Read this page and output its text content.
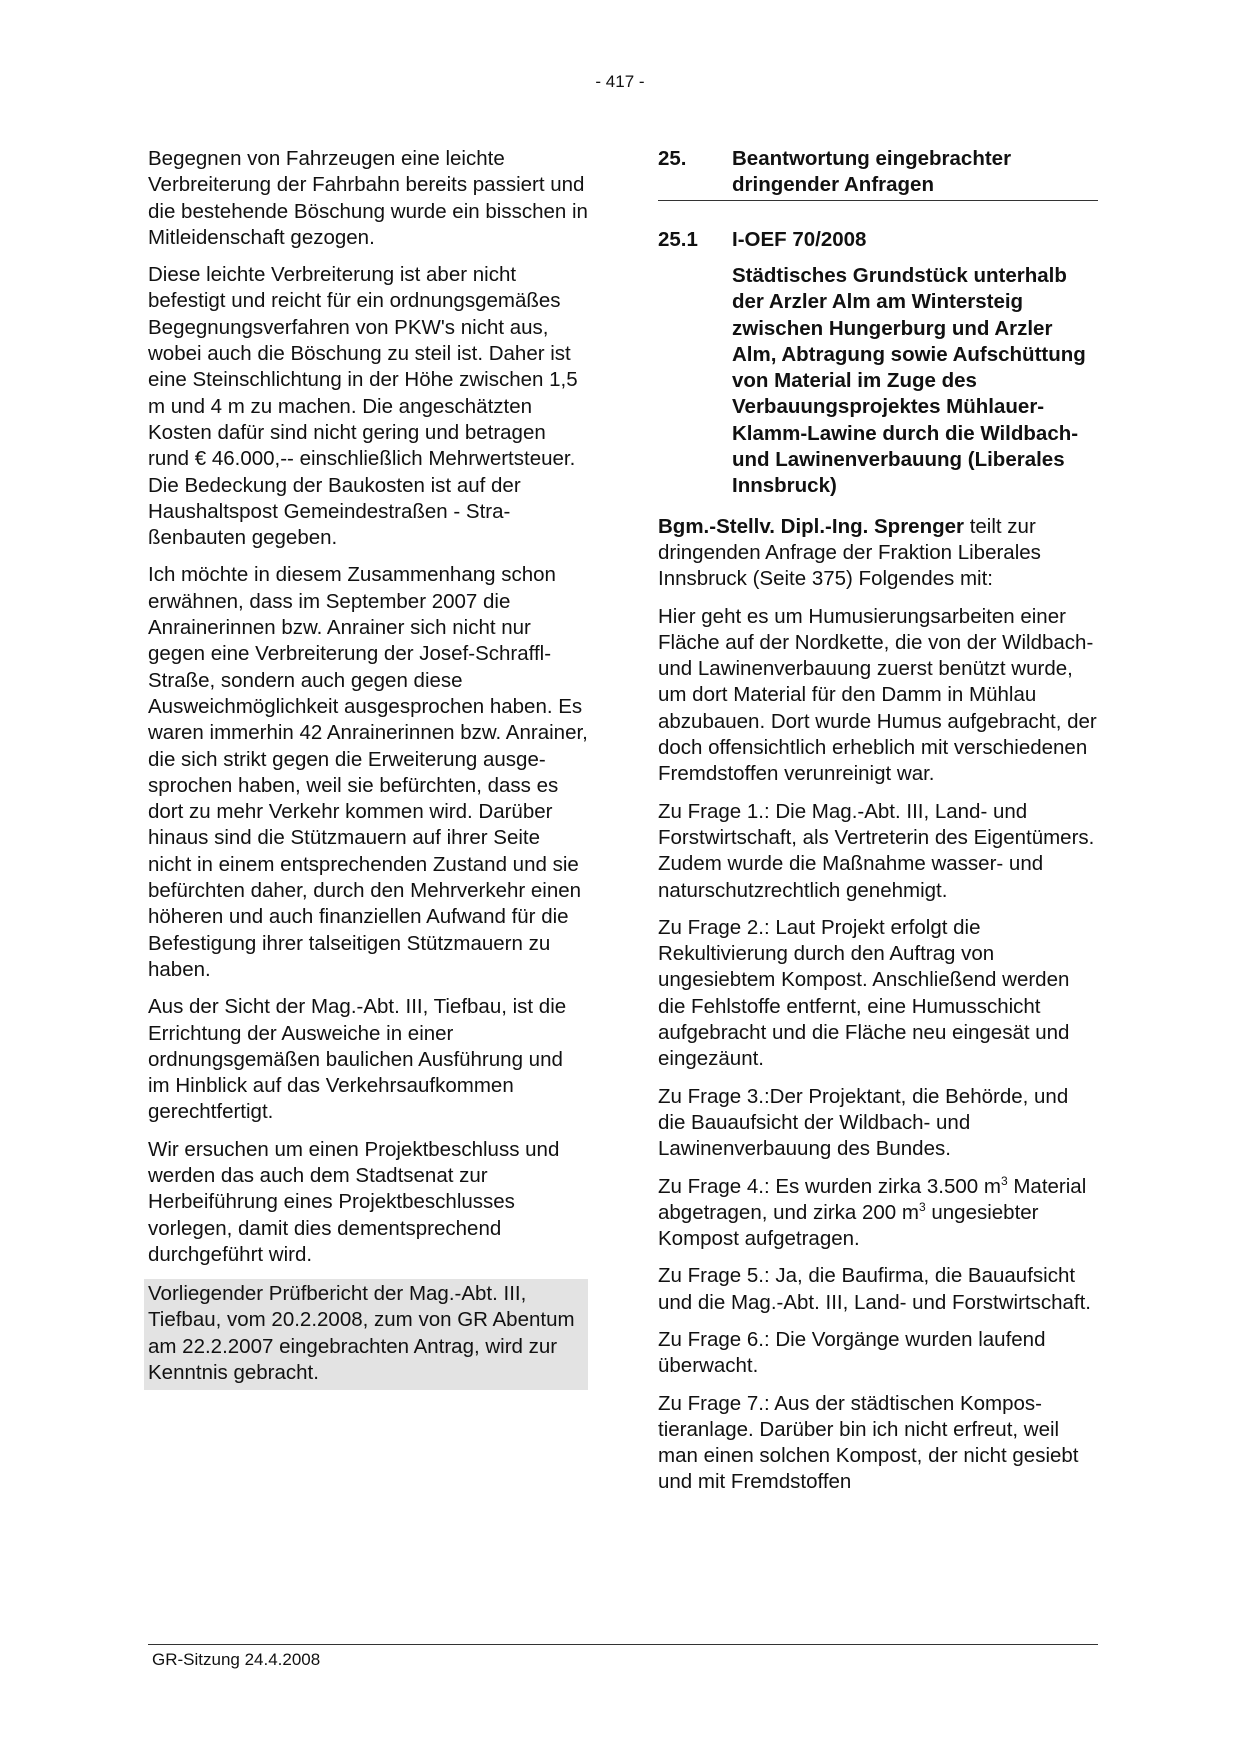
- 417 -

Begegnen von Fahrzeugen eine leichte Verbreiterung der Fahrbahn bereits passiert und die bestehende Böschung wurde ein bisschen in Mitleidenschaft gezogen.

Diese leichte Verbreiterung ist aber nicht befestigt und reicht für ein ordnungsgemäßes Begegnungsverfahren von PKW's nicht aus, wobei auch die Böschung zu steil ist. Daher ist eine Steinschlichtung in der Höhe zwischen 1,5 m und 4 m zu machen. Die angeschätzten Kosten dafür sind nicht gering und betragen rund € 46.000,-- einschließlich Mehrwertsteuer. Die Bedeckung der Baukosten ist auf der Haushaltspost Gemeindestraßen - Straßenbauten gegeben.

Ich möchte in diesem Zusammenhang schon erwähnen, dass im September 2007 die Anrainerinnen bzw. Anrainer sich nicht nur gegen eine Verbreiterung der Josef-Schraffl-Straße, sondern auch gegen diese Ausweichmöglichkeit ausgesprochen haben. Es waren immerhin 42 Anrainerinnen bzw. Anrainer, die sich strikt gegen die Erweiterung ausgesprochen haben, weil sie befürchten, dass es dort zu mehr Verkehr kommen wird. Darüber hinaus sind die Stützmauern auf ihrer Seite nicht in einem entsprechenden Zustand und sie befürchten daher, durch den Mehrverkehr einen höheren und auch finanziellen Aufwand für die Befestigung ihrer talseitigen Stützmauern zu haben.

Aus der Sicht der Mag.-Abt. III, Tiefbau, ist die Errichtung der Ausweiche in einer ordnungsgemäßen baulichen Ausführung und im Hinblick auf das Verkehrsaufkommen gerechtfertigt.

Wir ersuchen um einen Projektbeschluss und werden das auch dem Stadtsenat zur Herbeiführung eines Projektbeschlusses vorlegen, damit dies dementsprechend durchgeführt wird.

Vorliegender Prüfbericht der Mag.-Abt. III, Tiefbau, vom 20.2.2008, zum von GR Abentum am 22.2.2007 eingebrachten Antrag, wird zur Kenntnis gebracht.

25.	Beantwortung eingebrachter dringender Anfragen
25.1	I-OEF 70/2008

Städtisches Grundstück unterhalb der Arzler Alm am Wintersteig zwischen Hungerburg und Arzler Alm, Abtragung sowie Aufschüttung von Material im Zuge des Verbauungsprojektes Mühlauer-Klamm-Lawine durch die Wildbach- und Lawinenverbauung (Liberales Innsbruck)

Bgm.-Stellv. Dipl.-Ing. Sprenger teilt zur dringenden Anfrage der Fraktion Liberales Innsbruck (Seite 375) Folgendes mit:

Hier geht es um Humusierungsarbeiten einer Fläche auf der Nordkette, die von der Wildbach- und Lawinenverbauung zuerst benützt wurde, um dort Material für den Damm in Mühlau abzubauen. Dort wurde Humus aufgebracht, der doch offensichtlich erheblich mit verschiedenen Fremdstoffen verunreinigt war.

Zu Frage 1.: Die Mag.-Abt. III, Land- und Forstwirtschaft, als Vertreterin des Eigentümers. Zudem wurde die Maßnahme wasser- und naturschutzrechtlich genehmigt.

Zu Frage 2.: Laut Projekt erfolgt die Rekultivierung durch den Auftrag von ungesiebtem Kompost. Anschließend werden die Fehlstoffe entfernt, eine Humusschicht aufgebracht und die Fläche neu eingesät und eingezäunt.

Zu Frage 3.:Der Projektant, die Behörde, und die Bauaufsicht der Wildbach- und Lawinenverbauung des Bundes.

Zu Frage 4.: Es wurden zirka 3.500 $m^3$ Material abgetragen, und zirka 200 $m^3$ ungesiebter Kompost aufgetragen.

Zu Frage 5.: Ja, die Baufirma, die Bauaufsicht und die Mag.-Abt. III, Land- und Forstwirtschaft.

Zu Frage 6.: Die Vorgänge wurden laufend überwacht.

Zu Frage 7.: Aus der städtischen Kompostieranlage. Darüber bin ich nicht erfreut, weil man einen solchen Kompost, der nicht gesiebt und mit Fremdstoffen

GR-Sitzung 24.4.2008
